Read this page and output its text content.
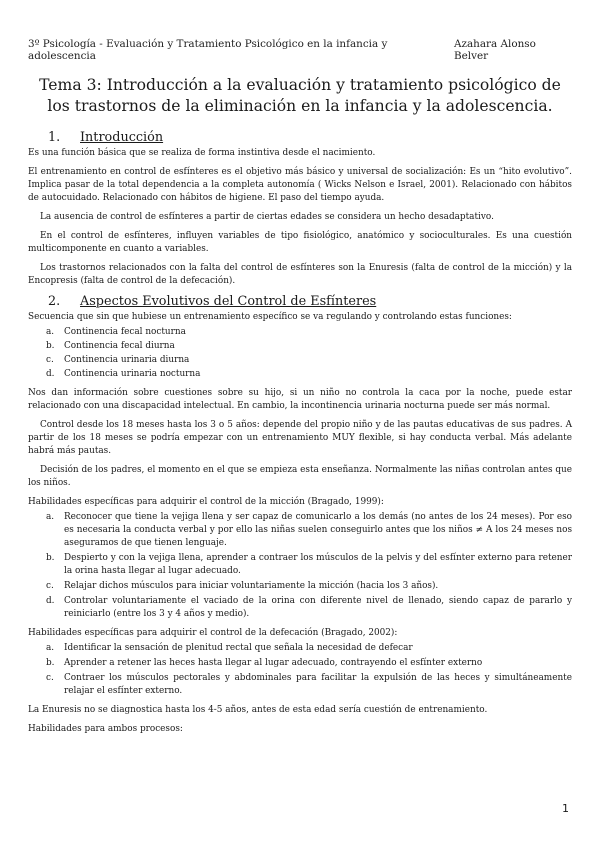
3º Psicología - Evaluación y Tratamiento Psicológico en la infancia y adolescencia
Azahara Alonso Belver
Tema 3: Introducción a la evaluación y tratamiento psicológico de los trastornos de la eliminación en la infancia y la adolescencia.
1. Introducción

Es una función básica que se realiza de forma instintiva desde el nacimiento.

El entrenamiento en control de esfínteres es el objetivo más básico y universal de socialización: Es un “hito evolutivo”. Implica pasar de la total dependencia a la completa autonomía ( Wicks Nelson e Israel, 2001). Relacionado con hábitos de autocuidado. Relacionado con hábitos de higiene. El paso del tiempo ayuda.

La ausencia de control de esfínteres a partir de ciertas edades se considera un hecho desadaptativo.

En el control de esfínteres, influyen variables de tipo fisiológico, anatómico y socioculturales. Es una cuestión multicomponente en cuanto a variables.

Los trastornos relacionados con la falta del control de esfínteres son la Enuresis (falta de control de la micción) y la Encopresis (falta de control de la defecación).

2. Aspectos Evolutivos del Control de Esfínteres

Secuencia que sin que hubiese un entrenamiento específico se va regulando y controlando estas funciones:

a.	Continencia fecal nocturna
b.	Continencia fecal diurna
c.	Continencia urinaria diurna
d.	Continencia urinaria nocturna

Nos dan información sobre cuestiones sobre su hijo, si un niño no controla la caca por la noche, puede estar relacionado con una discapacidad intelectual. En cambio, la incontinencia urinaria nocturna puede ser más normal.

Control desde los 18 meses hasta los 3 o 5 años: depende del propio niño y de las pautas educativas de sus padres. A partir de los 18 meses se podría empezar con un entrenamiento MUY flexible, si hay conducta verbal. Más adelante habrá más pautas.

Decisión de los padres, el momento en el que se empieza esta enseñanza. Normalmente las niñas controlan antes que los niños.

Habilidades específicas para adquirir el control de la micción (Bragado, 1999):

a.	Reconocer que tiene la vejiga llena y ser capaz de comunicarlo a los demás (no antes de los 24 meses). Por eso es necesaria la conducta verbal y por ello las niñas suelen conseguirlo antes que los niños ≠ A los 24 meses nos aseguramos de que tienen lenguaje.
b.	Despierto y con la vejiga llena, aprender a contraer los músculos de la pelvis y del esfínter externo para retener la orina hasta llegar al lugar adecuado.
c.	Relajar dichos músculos para iniciar voluntariamente la micción (hacia los 3 años).
d.	Controlar voluntariamente el vaciado de la orina con diferente nivel de llenado, siendo capaz de pararlo y reiniciarlo (entre los 3 y 4 años y medio).

Habilidades específicas para adquirir el control de la defecación (Bragado, 2002):

a.	Identificar la sensación de plenitud rectal que señala la necesidad de defecar
b.	Aprender a retener las heces hasta llegar al lugar adecuado, contrayendo el esfínter externo
c.	Contraer los músculos pectorales y abdominales para facilitar la expulsión de las heces y simultáneamente relajar el esfínter externo.

La Enuresis no se diagnostica hasta los 4-5 años, antes de esta edad sería cuestión de entrenamiento.

Habilidades para ambos procesos:

1
